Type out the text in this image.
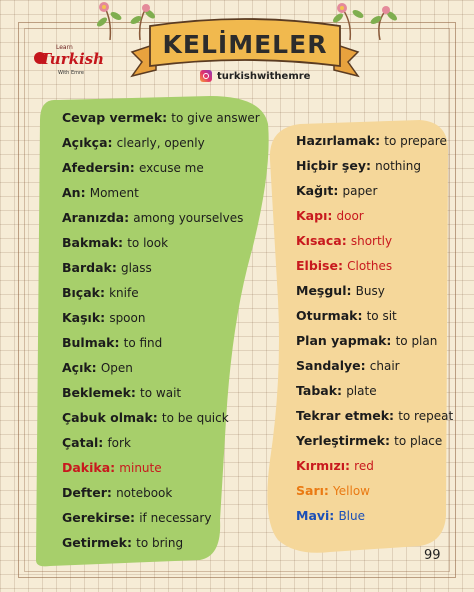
Learn
Turkish
With Emre
KELİMELER
turkishwithemre
Cevap vermek: to give answer
Açıkça: clearly, openly
Afedersin: excuse me
An: Moment
Aranızda: among yourselves
Bakmak: to look
Bardak: glass
Bıçak: knife
Kaşık: spoon
Bulmak: to find
Açık: Open
Beklemek: to wait
Çabuk olmak: to be quick
Çatal: fork
Dakika: minute
Defter: notebook
Gerekirse: if necessary
Getirmek: to bring
Hazırlamak: to prepare
Hiçbir şey: nothing
Kağıt: paper
Kapı: door
Kısaca: shortly
Elbise: Clothes
Meşgul: Busy
Oturmak: to sit
Plan yapmak: to plan
Sandalye: chair
Tabak: plate
Tekrar etmek: to repeat
Yerleştirmek: to place
Kırmızı: red
Sarı: Yellow
Mavi: Blue
99
